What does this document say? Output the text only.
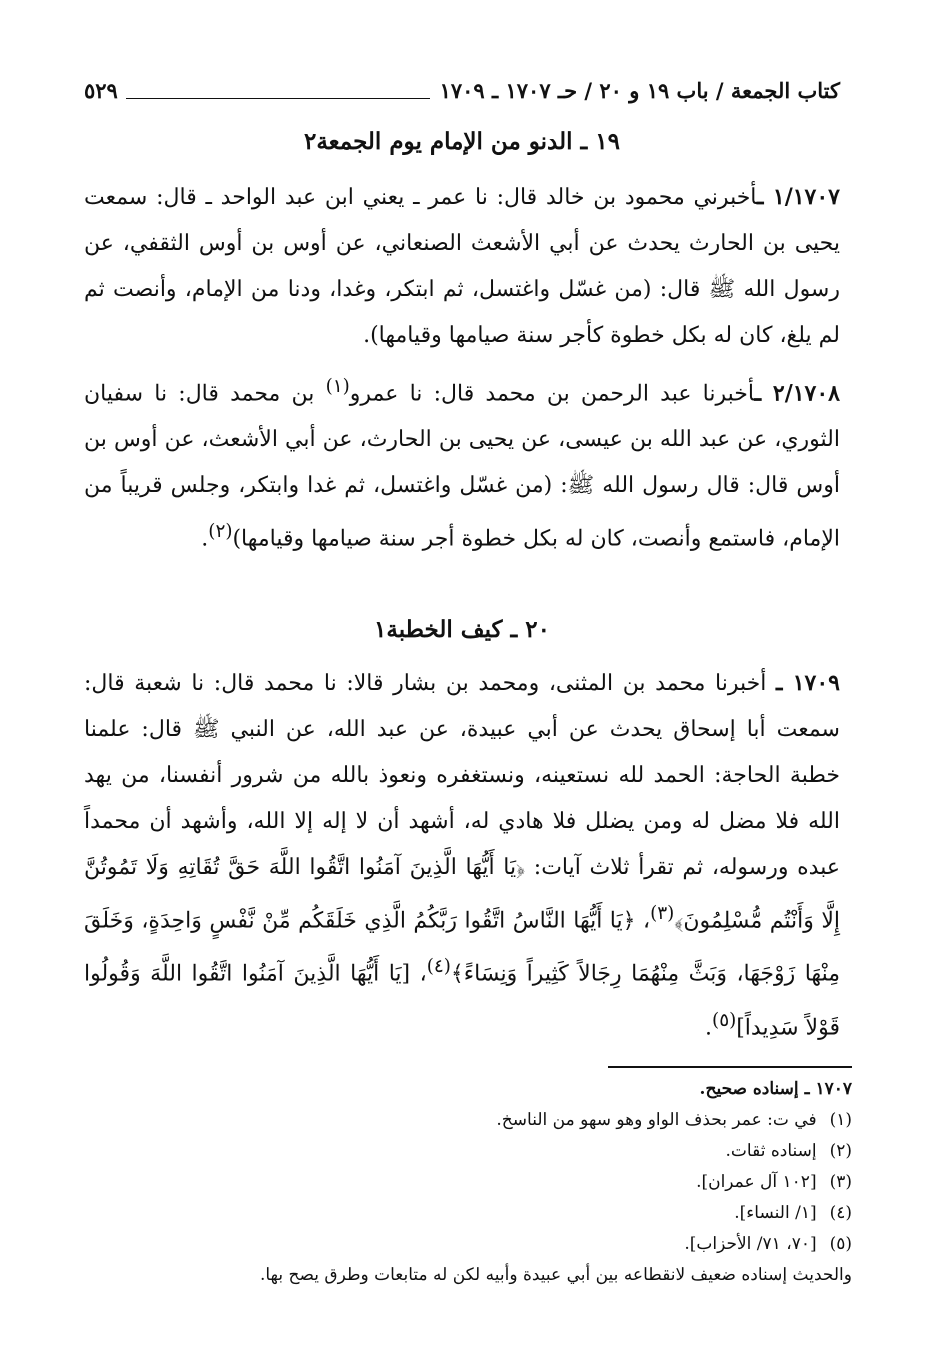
كتاب الجمعة / باب ١٩ و ٢٠ / حـ ١٧٠٧ ـ ١٧٠٩
٥٢٩
١٩ ـ الدنو من الإمام يوم الجمعة٢
١/١٧٠٧ ـأخبرني محمود بن خالد قال: نا عمر ـ يعني ابن عبد الواحد ـ قال: سمعت يحيى بن الحارث يحدث عن أبي الأشعث الصنعاني، عن أوس بن أوس الثقفي، عن رسول الله ﷺ قال: (من غسّل واغتسل، ثم ابتكر، وغدا، ودنا من الإمام، وأنصت ثم لم يلغ، كان له بكل خطوة كأجر سنة صيامها وقيامها).
٢/١٧٠٨ ـأخبرنا عبد الرحمن بن محمد قال: نا عمرو$^{(١)}$ بن محمد قال: نا سفيان الثوري، عن عبد الله بن عيسى، عن يحيى بن الحارث، عن أبي الأشعث، عن أوس بن أوس قال: قال رسول الله ﷺ: (من غسّل واغتسل، ثم غدا وابتكر، وجلس قريباً من الإمام، فاستمع وأنصت، كان له بكل خطوة أجر سنة صيامها وقيامها)$^{(٢)}$.
٢٠ ـ كيف الخطبة١
١٧٠٩ ـ أخبرنا محمد بن المثنى، ومحمد بن بشار قالا: نا محمد قال: نا شعبة قال: سمعت أبا إسحاق يحدث عن أبي عبيدة، عن عبد الله، عن النبي ﷺ قال: علمنا خطبة الحاجة: الحمد لله نستعينه، ونستغفره ونعوذ بالله من شرور أنفسنا، من يهد الله فلا مضل له ومن يضلل فلا هادي له، أشهد أن لا إله إلا الله، وأشهد أن محمداً عبده ورسوله، ثم تقرأ ثلاث آيات: ﴿يَا أَيُّهَا الَّذِينَ آمَنُوا اتَّقُوا اللَّهَ حَقَّ تُقَاتِهِ وَلَا تَمُوتُنَّ إِلَّا وَأَنْتُم مُّسْلِمُونَ﴾$^{(٣)}$، ﴿يَا أَيُّهَا النَّاسُ اتَّقُوا رَبَّكُمُ الَّذِي خَلَقَكُم مِّنْ نَّفْسٍ وَاحِدَةٍ، وَخَلَقَ مِنْهَا زَوْجَهَا، وَبَثَّ مِنْهُمَا رِجَالاً كَثِيراً وَنِسَاءً﴾$^{(٤)}$، [يَا أَيُّهَا الَّذِينَ آمَنُوا اتَّقُوا اللَّهَ وَقُولُوا قَوْلاً سَدِيداً]$^{(٥)}$.
١٧٠٧ ـ إسناده صحيح.
(١) في ت: عمر بحذف الواو وهو سهو من الناسخ.
(٢) إسناده ثقات.
(٣) [١٠٢ آل عمران].
(٤) [١/ النساء].
(٥) [٧٠، ٧١/ الأحزاب].
والحديث إسناده ضعيف لانقطاعه بين أبي عبيدة وأبيه لكن له متابعات وطرق يصح بها.
